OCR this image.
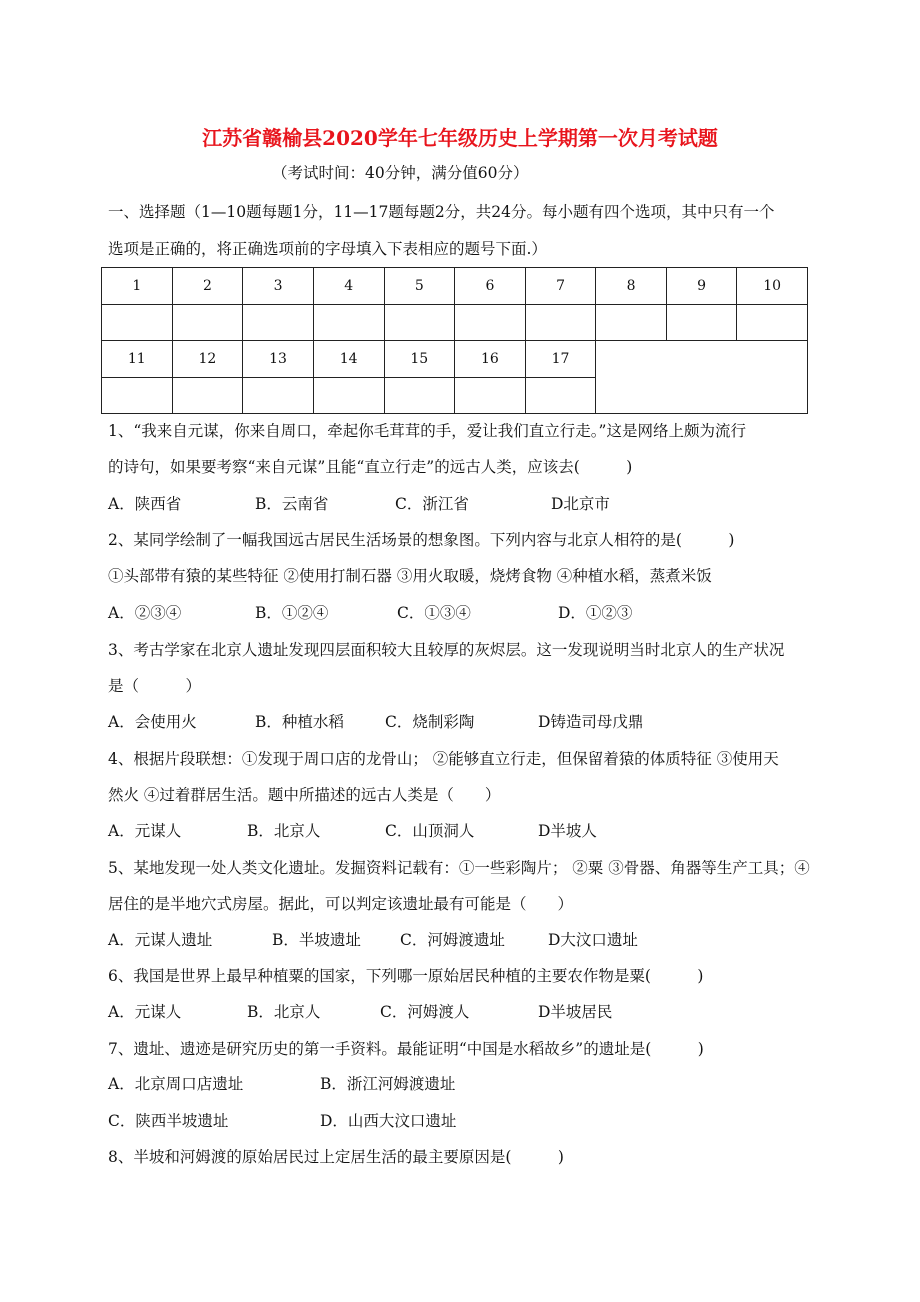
江苏省赣榆县2020学年七年级历史上学期第一次月考试题
（考试时间：40分钟，满分值60分）
一、选择题（1—10题每题1分，11—17题每题2分，共24分。每小题有四个选项，其中只有一个
选项是正确的，将正确选项前的字母填入下表相应的题号下面.）
1	2	3	4	5	6	7	8	9	10

11	12	13	14	15	16	17			

1、“我来自元谋，你来自周口，牵起你毛茸茸的手，爱让我们直立行走。”这是网络上颇为流行
的诗句，如果要考察“来自元谋”且能“直立行走”的远古人类，应该去(　　　)
A．陕西省	B．云南省	C．浙江省	D北京市
2、某同学绘制了一幅我国远古居民生活场景的想象图。下列内容与北京人相符的是(　　　)
①头部带有猿的某些特征 ②使用打制石器 ③用火取暖，烧烤食物 ④种植水稻，蒸煮米饭
A．②③④	B．①②④	C．①③④	D．①②③
3、考古学家在北京人遗址发现四层面积较大且较厚的灰烬层。这一发现说明当时北京人的生产状况
是（　　　）
A．会使用火	B．种植水稻	C．烧制彩陶	D铸造司母戊鼎
4、根据片段联想：①发现于周口店的龙骨山； ②能够直立行走，但保留着猿的体质特征 ③使用天
然火 ④过着群居生活。题中所描述的远古人类是（　　）
A．元谋人	B．北京人	C．山顶洞人	D半坡人
5、某地发现一处人类文化遗址。发掘资料记载有：①一些彩陶片； ②粟 ③骨器、角器等生产工具；④
居住的是半地穴式房屋。据此，可以判定该遗址最有可能是（　　）
A．元谋人遗址	B．半坡遗址	C．河姆渡遗址	D大汶口遗址
6、我国是世界上最早种植粟的国家，下列哪一原始居民种植的主要农作物是粟(　　　)
A．元谋人	B．北京人	C．河姆渡人	D半坡居民
7、遗址、遗迹是研究历史的第一手资料。最能证明“中国是水稻故乡”的遗址是(　　　)
A．北京周口店遗址	B．浙江河姆渡遗址
C．陕西半坡遗址	D．山西大汶口遗址
8、半坡和河姆渡的原始居民过上定居生活的最主要原因是(　　　)
